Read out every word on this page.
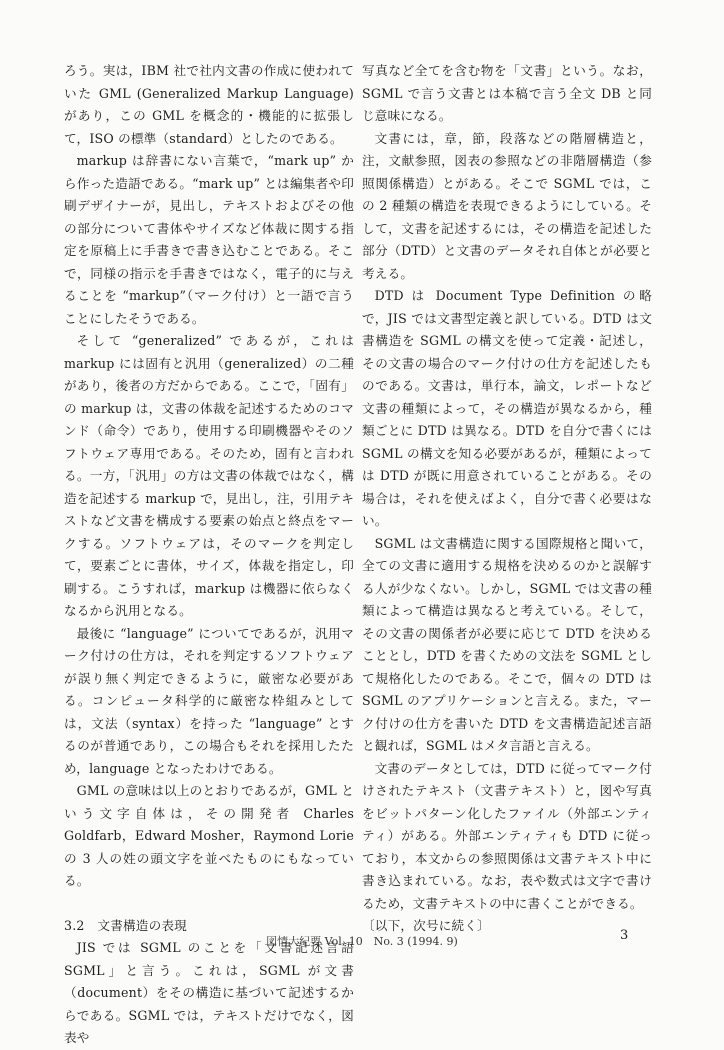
ろう。実は，IBM 社で社内文書の作成に使われていた GML (Generalized Markup Language) があり，この GML を概念的・機能的に拡張して，ISO の標準（standard）としたのである。

markup は辞書にない言葉で，“mark up” から作った造語である。“mark up” とは編集者や印刷デザイナーが，見出し，テキストおよびその他の部分について書体やサイズなど体裁に関する指定を原稿上に手書きで書き込むことである。そこで，同様の指示を手書きではなく，電子的に与えることを “markup”（マーク付け）と一語で言うことにしたそうである。

そして “generalized” であるが，これは markup には固有と汎用（generalized）の二種があり，後者の方だからである。ここで，「固有」の markup は，文書の体裁を記述するためのコマンド（命令）であり，使用する印刷機器やそのソフトウェア専用である。そのため，固有と言われる。一方，「汎用」の方は文書の体裁ではなく，構造を記述する markup で，見出し，注，引用テキストなど文書を構成する要素の始点と終点をマークする。ソフトウェアは，そのマークを判定して，要素ごとに書体，サイズ，体裁を指定し，印刷する。こうすれば，markup は機器に依らなくなるから汎用となる。

最後に “language” についてであるが，汎用マーク付けの仕方は，それを判定するソフトウェアが誤り無く判定できるように，厳密な必要がある。コンピュータ科学的に厳密な枠組みとしては，文法（syntax）を持った “language” とするのが普通であり，この場合もそれを採用したため，language となったわけである。

GML の意味は以上のとおりであるが，GML という文字自体は，その開発者 Charles Goldfarb，Edward Mosher，Raymond Lorie の 3 人の姓の頭文字を並べたものにもなっている。

3.2　文書構造の表現

JIS では SGML のことを「文書記述言語 SGML」と言う。これは，SGML が文書（document）をその構造に基づいて記述するからである。SGML では，テキストだけでなく，図表や

写真など全てを含む物を「文書」という。なお，SGML で言う文書とは本稿で言う全文 DB と同じ意味になる。

文書には，章，節，段落などの階層構造と，注，文献参照，図表の参照などの非階層構造（参照関係構造）とがある。そこで SGML では，この 2 種類の構造を表現できるようにしている。そして，文書を記述するには，その構造を記述した部分（DTD）と文書のデータそれ自体とが必要と考える。

DTD は Document Type Definition の略で，JIS では文書型定義と訳している。DTD は文書構造を SGML の構文を使って定義・記述し，その文書の場合のマーク付けの仕方を記述したものである。文書は，単行本，論文，レポートなど文書の種類によって，その構造が異なるから，種類ごとに DTD は異なる。DTD を自分で書くには SGML の構文を知る必要があるが，種類によっては DTD が既に用意されていることがある。その場合は，それを使えばよく，自分で書く必要はない。

SGML は文書構造に関する国際規格と聞いて，全ての文書に適用する規格を決めるのかと誤解する人が少なくない。しかし，SGML では文書の種類によって構造は異なると考えている。そして，その文書の関係者が必要に応じて DTD を決めることとし，DTD を書くための文法を SGML として規格化したのである。そこで，個々の DTD は SGML のアプリケーションと言える。また，マーク付けの仕方を書いた DTD を文書構造記述言語と観れば，SGML はメタ言語と言える。

文書のデータとしては，DTD に従ってマーク付けされたテキスト（文書テキスト）と，図や写真をビットパターン化したファイル（外部エンティティ）がある。外部エンティティも DTD に従っており，本文からの参照関係は文書テキスト中に書き込まれている。なお，表や数式は文字で書けるため，文書テキストの中に書くことができる。

〔以下，次号に続く〕

図情大紀要 Vol. 10　No. 3 (1994. 9)	3
